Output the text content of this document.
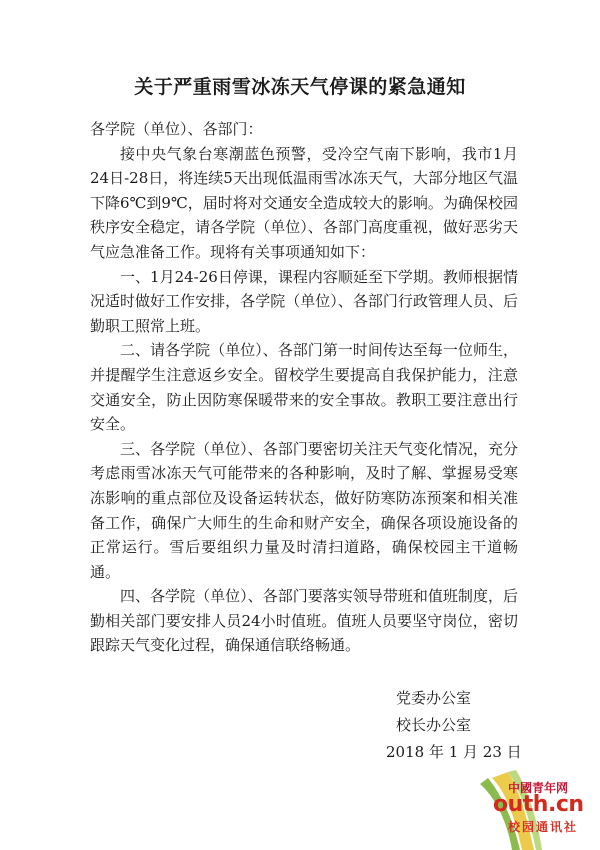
关于严重雨雪冰冻天气停课的紧急通知

各学院（单位）、各部门：

接中央气象台寒潮蓝色预警，受冷空气南下影响，我市1月24日-28日，将连续5天出现低温雨雪冰冻天气，大部分地区气温下降6℃到9℃，届时将对交通安全造成较大的影响。为确保校园秩序安全稳定，请各学院（单位）、各部门高度重视，做好恶劣天气应急准备工作。现将有关事项通知如下：

一、1月24-26日停课，课程内容顺延至下学期。教师根据情况适时做好工作安排，各学院（单位）、各部门行政管理人员、后勤职工照常上班。

二、请各学院（单位）、各部门第一时间传达至每一位师生，并提醒学生注意返乡安全。留校学生要提高自我保护能力，注意交通安全，防止因防寒保暖带来的安全事故。教职工要注意出行安全。

三、各学院（单位）、各部门要密切关注天气变化情况，充分考虑雨雪冰冻天气可能带来的各种影响，及时了解、掌握易受寒冻影响的重点部位及设备运转状态，做好防寒防冻预案和相关准备工作，确保广大师生的生命和财产安全，确保各项设施设备的正常运行。雪后要组织力量及时清扫道路，确保校园主干道畅通。

四、各学院（单位）、各部门要落实领导带班和值班制度，后勤相关部门要安排人员24小时值班。值班人员要坚守岗位，密切跟踪天气变化过程，确保通信联络畅通。

党委办公室
校长办公室
2018 年 1 月 23 日
中國青年网
outh.cn
校园通讯社
